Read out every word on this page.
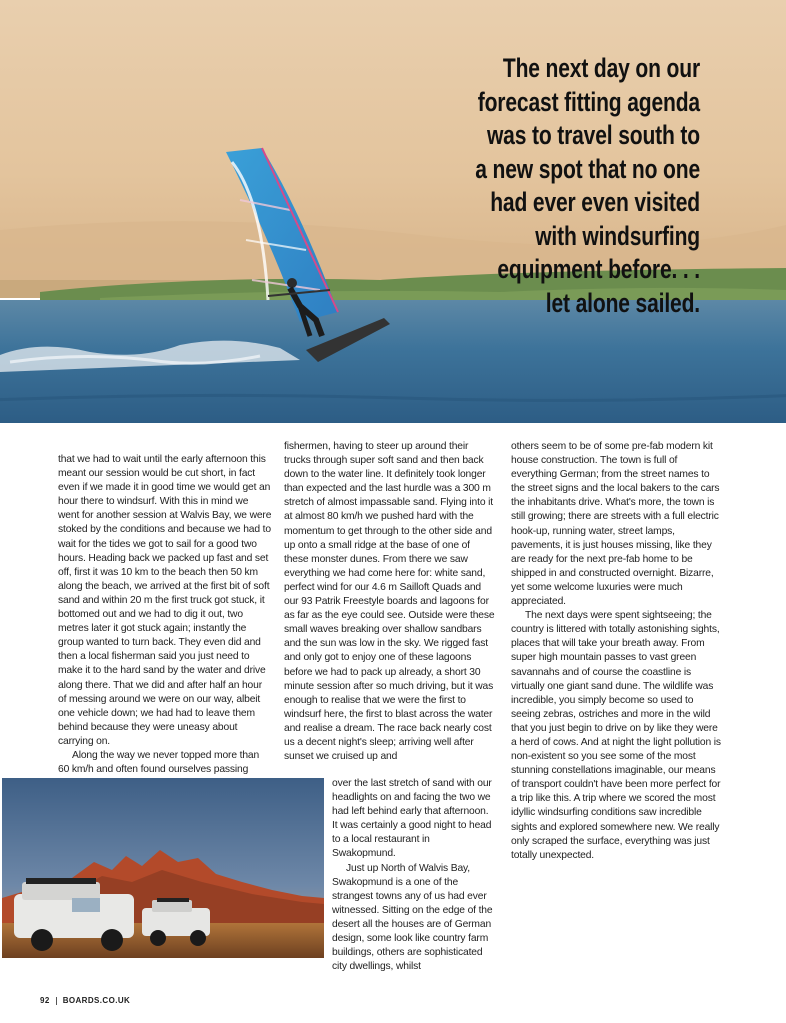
The next day on our
forecast fitting agenda
was to travel south to
a new spot that no one
had ever even visited
with windsurfing
equipment before. . .
let alone sailed.

that we had to wait until the early afternoon this meant our session would be cut short, in fact even if we made it in good time we would get an hour there to windsurf. With this in mind we went for another session at Walvis Bay, we were stoked by the conditions and because we had to wait for the tides we got to sail for a good two hours. Heading back we packed up fast and set off, first it was 10 km to the beach then 50 km along the beach, we arrived at the first bit of soft sand and within 20 m the first truck got stuck, it bottomed out and we had to dig it out, two metres later it got stuck again; instantly the group wanted to turn back. They even did and then a local fisherman said you just need to make it to the hard sand by the water and drive along there. That we did and after half an hour of messing around we were on our way, albeit one vehicle down; we had had to leave them behind because they were uneasy about carrying on.

Along the way we never topped more than 60 km/h and often found ourselves passing

fishermen, having to steer up around their trucks through super soft sand and then back down to the water line. It definitely took longer than expected and the last hurdle was a 300 m stretch of almost impassable sand. Flying into it at almost 80 km/h we pushed hard with the momentum to get through to the other side and up onto a small ridge at the base of one of these monster dunes. From there we saw everything we had come here for: white sand, perfect wind for our 4.6 m Sailloft Quads and our 93 Patrik Freestyle boards and lagoons for as far as the eye could see. Outside were these small waves breaking over shallow sandbars and the sun was low in the sky. We rigged fast and only got to enjoy one of these lagoons before we had to pack up already, a short 30 minute session after so much driving, but it was enough to realise that we were the first to windsurf here, the first to blast across the water and realise a dream. The race back nearly cost us a decent night's sleep; arriving well after sunset we cruised up and

over the last stretch of sand with our headlights on and facing the two we had left behind early that afternoon. It was certainly a good night to head to a local restaurant in Swakopmund.

Just up North of Walvis Bay, Swakopmund is a one of the strangest towns any of us had ever witnessed. Sitting on the edge of the desert all the houses are of German design, some look like country farm buildings, others are sophisticated city dwellings, whilst

others seem to be of some pre-fab modern kit house construction. The town is full of everything German; from the street names to the street signs and the local bakers to the cars the inhabitants drive. What's more, the town is still growing; there are streets with a full electric hook-up, running water, street lamps, pavements, it is just houses missing, like they are ready for the next pre-fab home to be shipped in and constructed overnight. Bizarre, yet some welcome luxuries were much appreciated.

The next days were spent sightseeing; the country is littered with totally astonishing sights, places that will take your breath away. From super high mountain passes to vast green savannahs and of course the coastline is virtually one giant sand dune. The wildlife was incredible, you simply become so used to seeing zebras, ostriches and more in the wild that you just begin to drive on by like they were a herd of cows. And at night the light pollution is non-existent so you see some of the most stunning constellations imaginable, our means of transport couldn't have been more perfect for a trip like this. A trip where we scored the most idyllic windsurfing conditions saw incredible sights and explored somewhere new. We really only scraped the surface, everything was just totally unexpected.

92 BOARDS.CO.UK
